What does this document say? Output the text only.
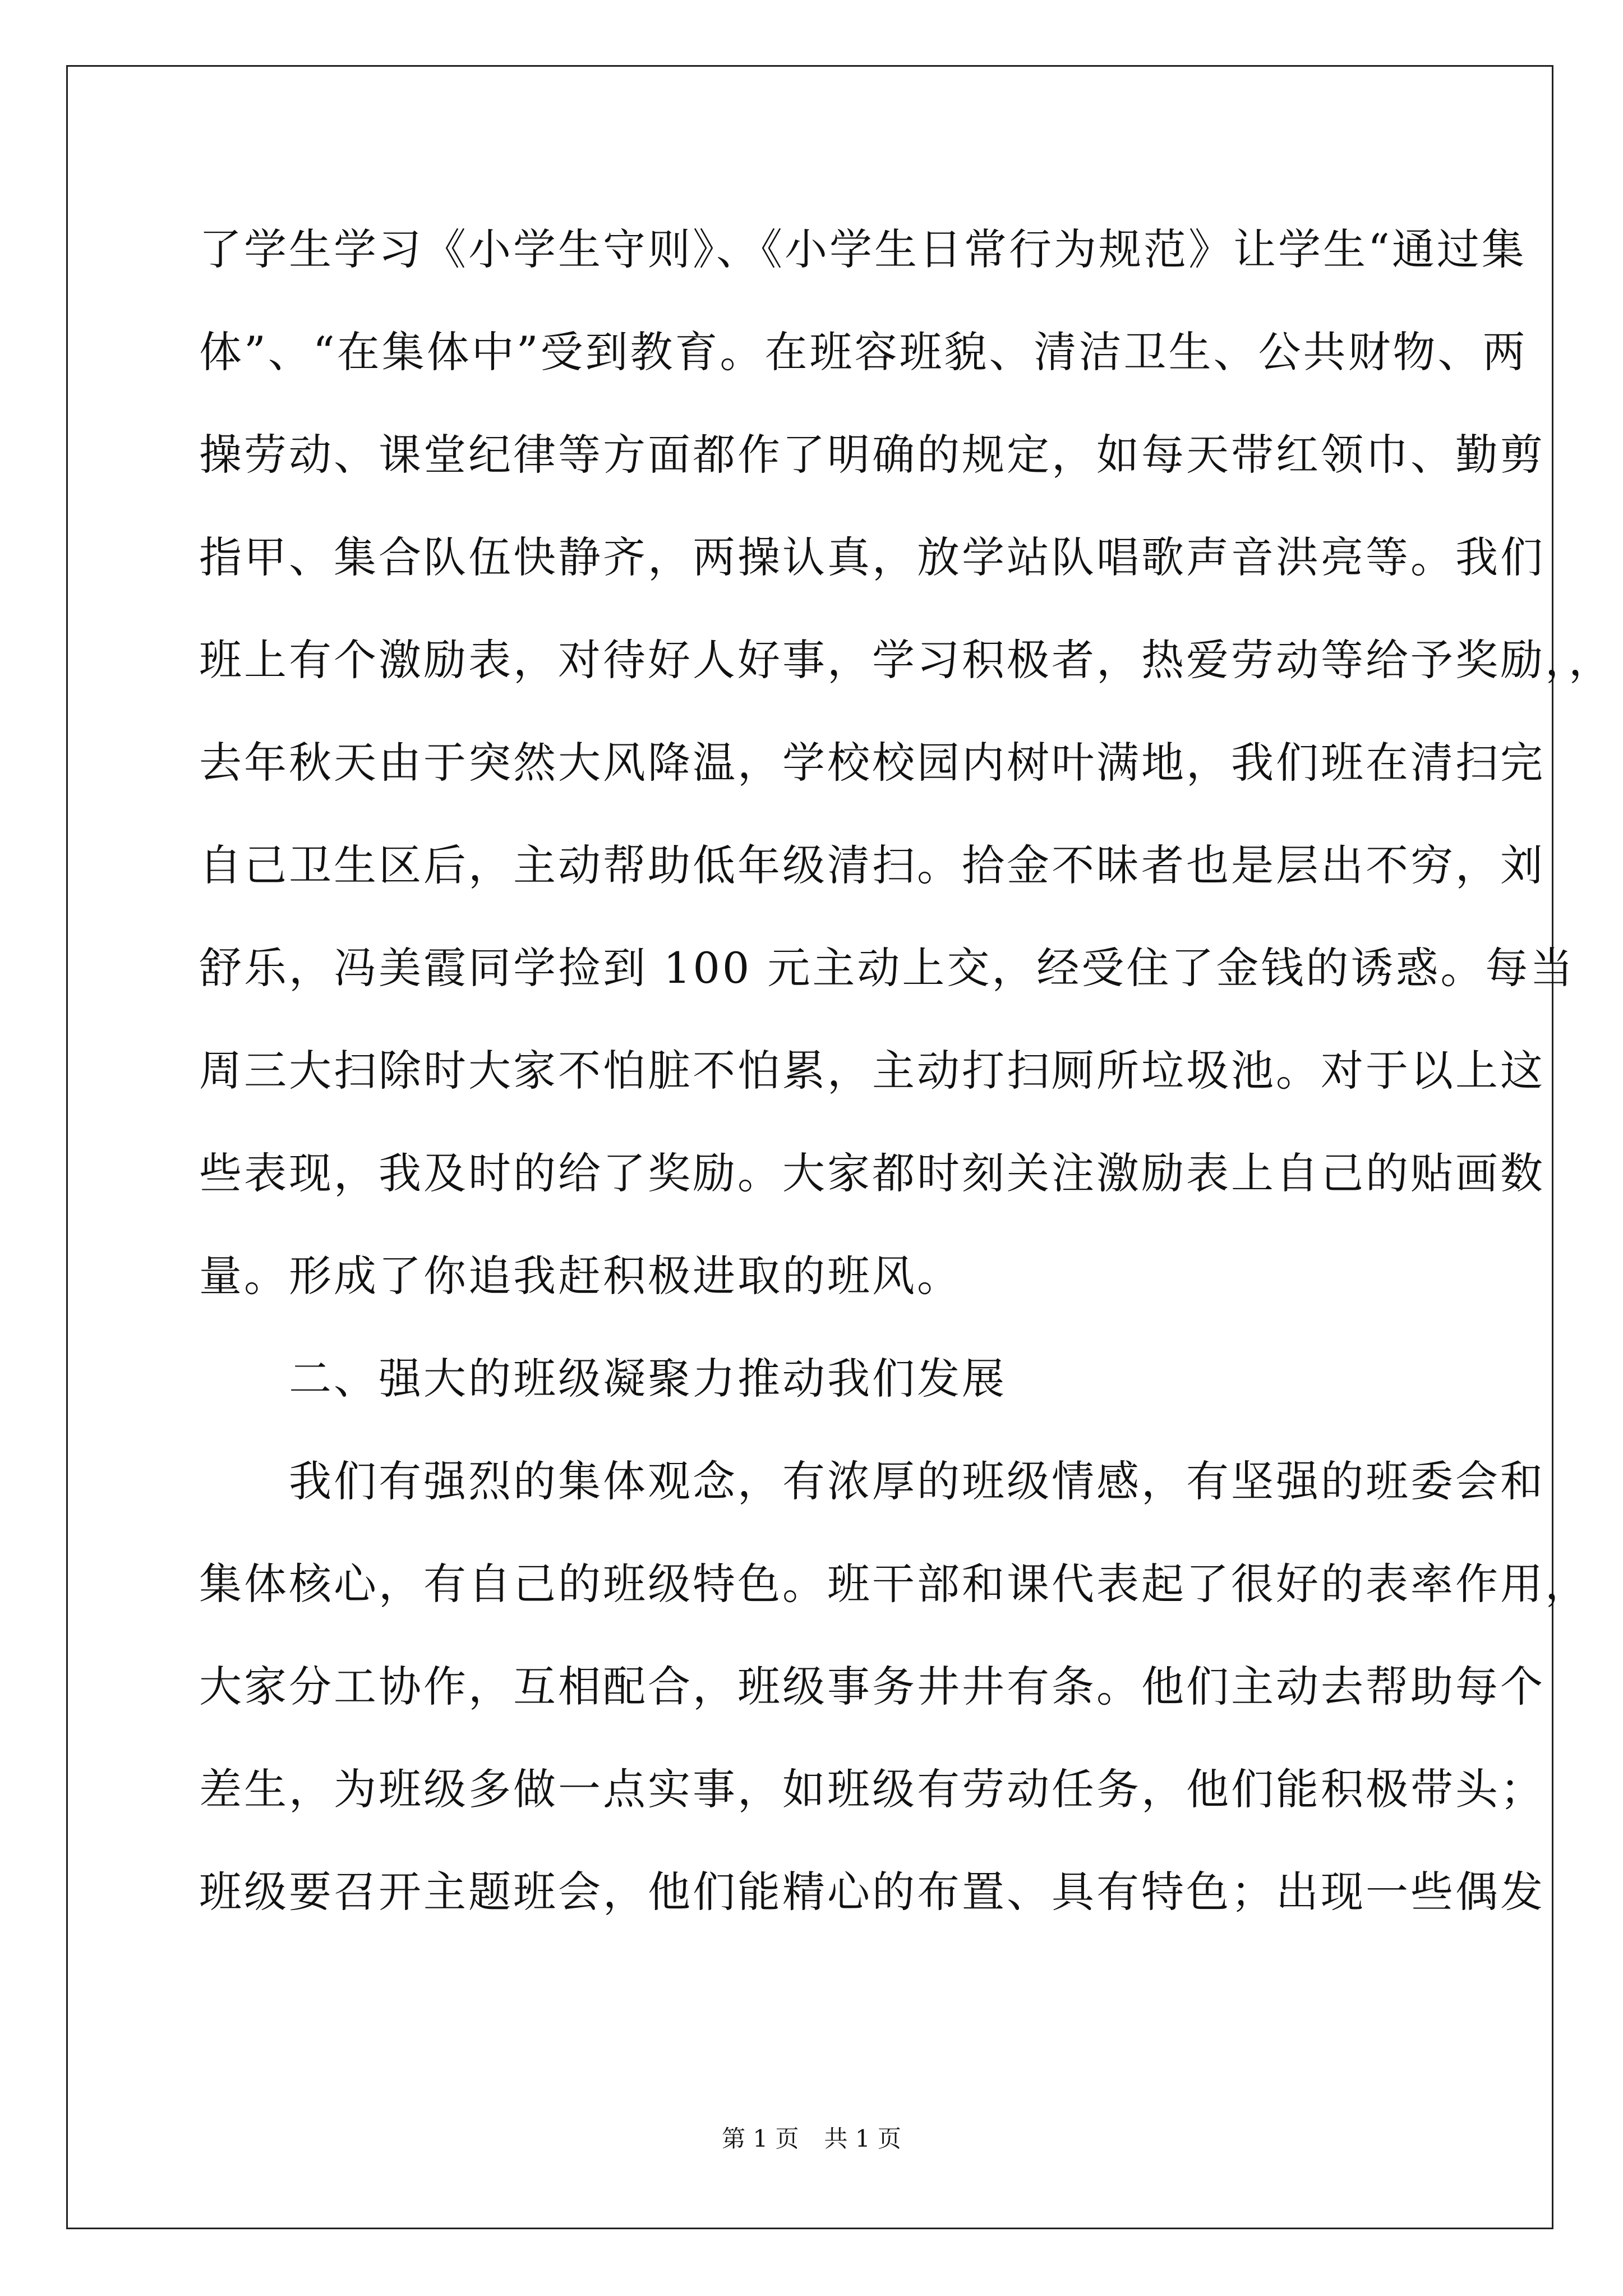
了学生学习《小学生守则》、《小学生日常行为规范》让学生“通过集
体”、“在集体中”受到教育。在班容班貌、清洁卫生、公共财物、两
操劳动、课堂纪律等方面都作了明确的规定，如每天带红领巾、勤剪
指甲、集合队伍快静齐，两操认真，放学站队唱歌声音洪亮等。我们
班上有个激励表，对待好人好事，学习积极者，热爱劳动等给予奖励，，
去年秋天由于突然大风降温，学校校园内树叶满地，我们班在清扫完
自己卫生区后，主动帮助低年级清扫。拾金不昧者也是层出不穷，刘
舒乐，冯美霞同学捡到 100 元主动上交，经受住了金钱的诱惑。每当
周三大扫除时大家不怕脏不怕累，主动打扫厕所垃圾池。对于以上这
些表现，我及时的给了奖励。大家都时刻关注激励表上自己的贴画数
量。形成了你追我赶积极进取的班风。
　　二、强大的班级凝聚力推动我们发展
　　我们有强烈的集体观念，有浓厚的班级情感，有坚强的班委会和
集体核心，有自己的班级特色。班干部和课代表起了很好的表率作用，
大家分工协作，互相配合，班级事务井井有条。他们主动去帮助每个
差生，为班级多做一点实事，如班级有劳动任务，他们能积极带头；
班级要召开主题班会，他们能精心的布置、具有特色；出现一些偶发
第 1 页 共 1 页
